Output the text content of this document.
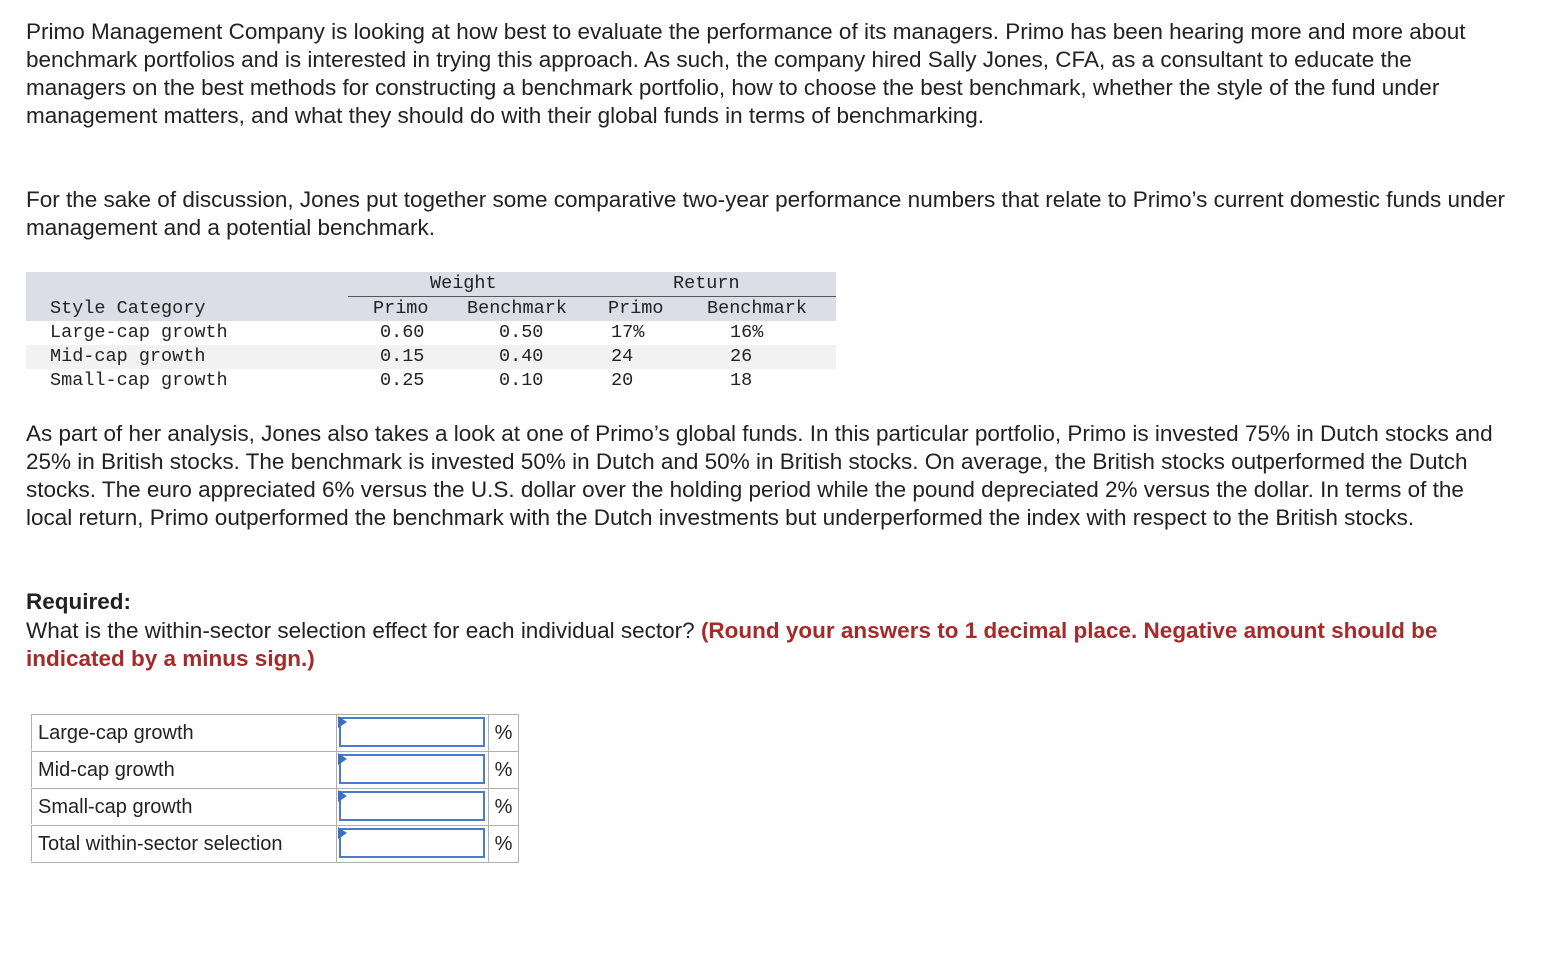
Primo Management Company is looking at how best to evaluate the performance of its managers. Primo has been hearing more and more about benchmark portfolios and is interested in trying this approach. As such, the company hired Sally Jones, CFA, as a consultant to educate the managers on the best methods for constructing a benchmark portfolio, how to choose the best benchmark, whether the style of the fund under management matters, and what they should do with their global funds in terms of benchmarking.

For the sake of discussion, Jones put together some comparative two-year performance numbers that relate to Primo’s current domestic funds under management and a potential benchmark.

Weight	Return
Style Category	Primo Benchmark Primo Benchmark
Large-cap growth	0.60	0.50	17%	16%
Mid-cap growth	0.15	0.40	24	26
Small-cap growth	0.25	0.10	20	18

As part of her analysis, Jones also takes a look at one of Primo’s global funds. In this particular portfolio, Primo is invested 75% in Dutch stocks and 25% in British stocks. The benchmark is invested 50% in Dutch and 50% in British stocks. On average, the British stocks outperformed the Dutch stocks. The euro appreciated 6% versus the U.S. dollar over the holding period while the pound depreciated 2% versus the dollar. In terms of the local return, Primo outperformed the benchmark with the Dutch investments but underperformed the index with respect to the British stocks.

Required:

What is the within-sector selection effect for each individual sector? (Round your answers to 1 decimal place. Negative amount should be indicated by a minus sign.)

Large-cap growth	%
Mid-cap growth	%
Small-cap growth	%
Total within-sector selection	%
